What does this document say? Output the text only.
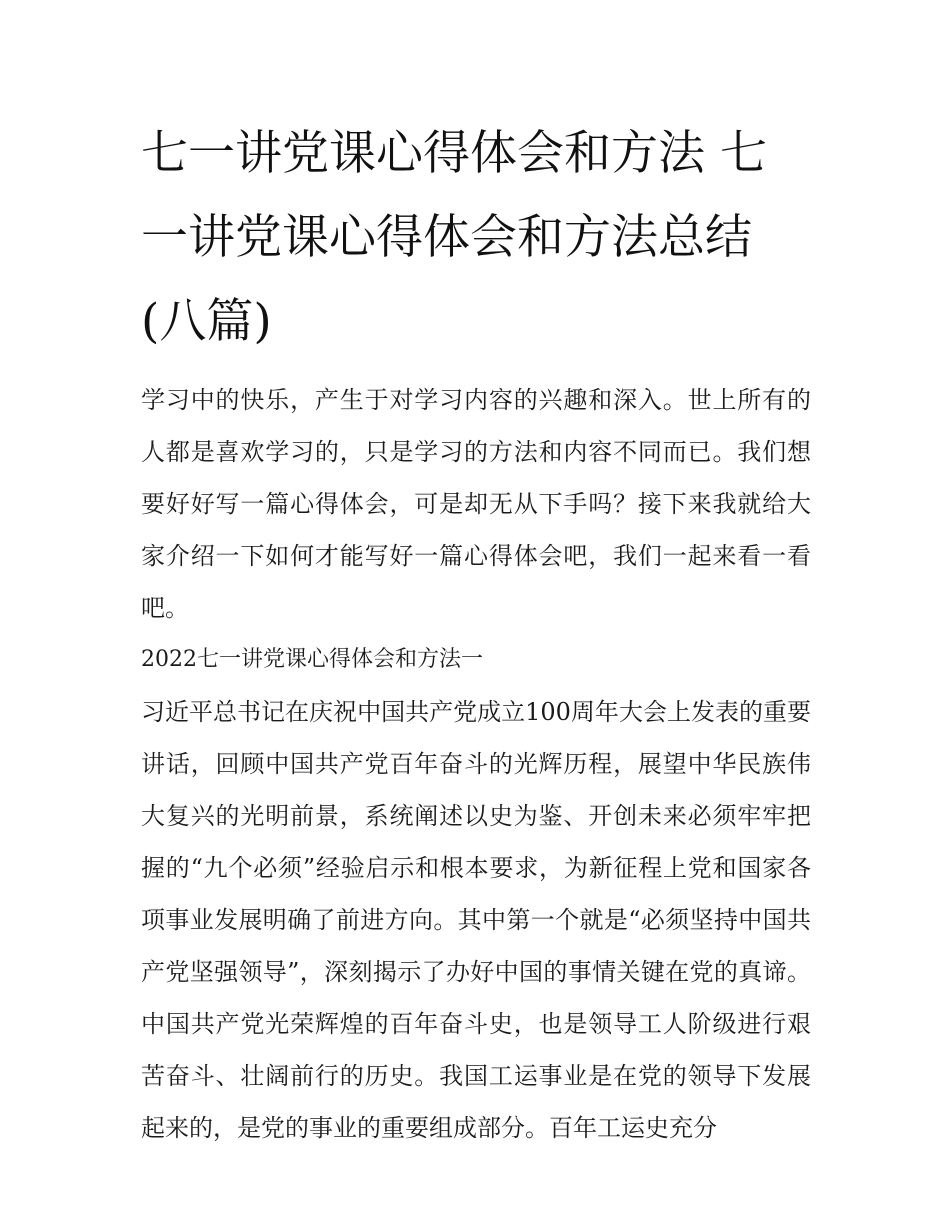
七一讲党课心得体会和方法 七一讲党课心得体会和方法总结(八篇)

学习中的快乐，产生于对学习内容的兴趣和深入。世上所有的人都是喜欢学习的，只是学习的方法和内容不同而已。我们想要好好写一篇心得体会，可是却无从下手吗？接下来我就给大家介绍一下如何才能写好一篇心得体会吧，我们一起来看一看吧。

2022七一讲党课心得体会和方法一

习近平总书记在庆祝中国共产党成立100周年大会上发表的重要讲话，回顾中国共产党百年奋斗的光辉历程，展望中华民族伟大复兴的光明前景，系统阐述以史为鉴、开创未来必须牢牢把握的“九个必须”经验启示和根本要求，为新征程上党和国家各项事业发展明确了前进方向。其中第一个就是“必须坚持中国共产党坚强领导”，深刻揭示了办好中国的事情关键在党的真谛。中国共产党光荣辉煌的百年奋斗史，也是领导工人阶级进行艰苦奋斗、壮阔前行的历史。我国工运事业是在党的领导下发展起来的，是党的事业的重要组成部分。百年工运史充分
